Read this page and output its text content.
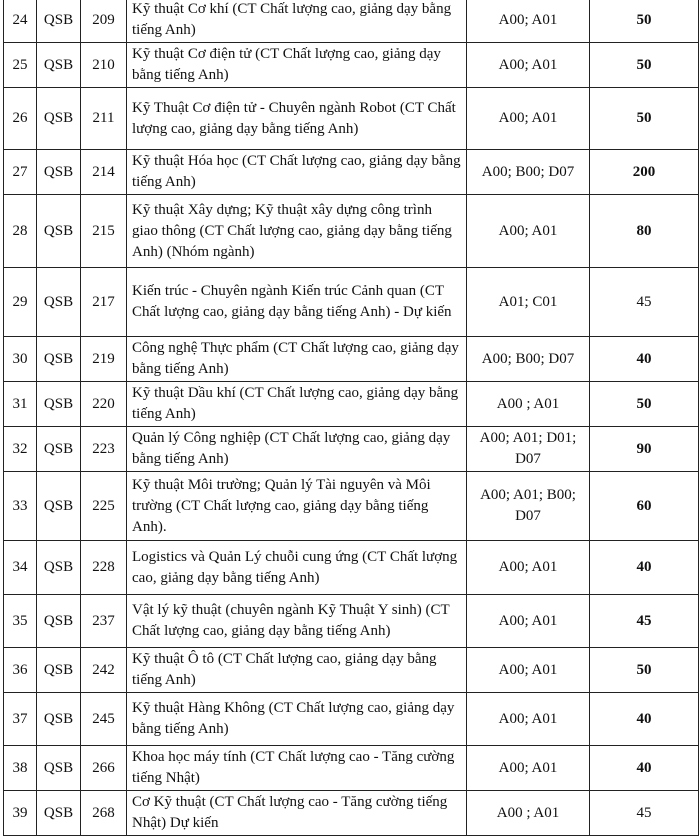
24	QSB	209	Kỹ thuật Cơ khí (CT Chất lượng cao, giảng dạy bằng tiếng Anh)	A00; A01	50
25	QSB	210	Kỹ thuật Cơ điện tử (CT Chất lượng cao, giảng dạy bằng tiếng Anh)	A00; A01	50
26	QSB	211	Kỹ Thuật Cơ điện tử - Chuyên ngành Robot (CT Chất lượng cao, giảng dạy bằng tiếng Anh)	A00; A01	50
27	QSB	214	Kỹ thuật Hóa học (CT Chất lượng cao, giảng dạy bằng tiếng Anh)	A00; B00; D07	200
28	QSB	215	Kỹ thuật Xây dựng; Kỹ thuật xây dựng công trình giao thông (CT Chất lượng cao, giảng dạy bằng tiếng Anh) (Nhóm ngành)	A00; A01	80
29	QSB	217	Kiến trúc - Chuyên ngành Kiến trúc Cảnh quan (CT Chất lượng cao, giảng dạy bằng tiếng Anh) - Dự kiến	A01; C01	45
30	QSB	219	Công nghệ Thực phẩm (CT Chất lượng cao, giảng dạy bằng tiếng Anh)	A00; B00; D07	40
31	QSB	220	Kỹ thuật Dầu khí (CT Chất lượng cao, giảng dạy bằng tiếng Anh)	A00 ; A01	50
32	QSB	223	Quản lý Công nghiệp (CT Chất lượng cao, giảng dạy bằng tiếng Anh)	A00; A01; D01; D07	90
33	QSB	225	Kỹ thuật Môi trường; Quản lý Tài nguyên và Môi trường (CT Chất lượng cao, giảng dạy bằng tiếng Anh).	A00; A01; B00; D07	60
34	QSB	228	Logistics và Quản Lý chuỗi cung ứng (CT Chất lượng cao, giảng dạy bằng tiếng Anh)	A00; A01	40
35	QSB	237	Vật lý kỹ thuật (chuyên ngành Kỹ Thuật Y sinh) (CT Chất lượng cao, giảng dạy bằng tiếng Anh)	A00; A01	45
36	QSB	242	Kỹ thuật Ô tô (CT Chất lượng cao, giảng dạy bằng tiếng Anh)	A00; A01	50
37	QSB	245	Kỹ thuật Hàng Không (CT Chất lượng cao, giảng dạy bằng tiếng Anh)	A00; A01	40
38	QSB	266	Khoa học máy tính (CT Chất lượng cao - Tăng cường tiếng Nhật)	A00; A01	40
39	QSB	268	Cơ Kỹ thuật (CT Chất lượng cao - Tăng cường tiếng Nhật) Dự kiến	A00 ; A01	45
